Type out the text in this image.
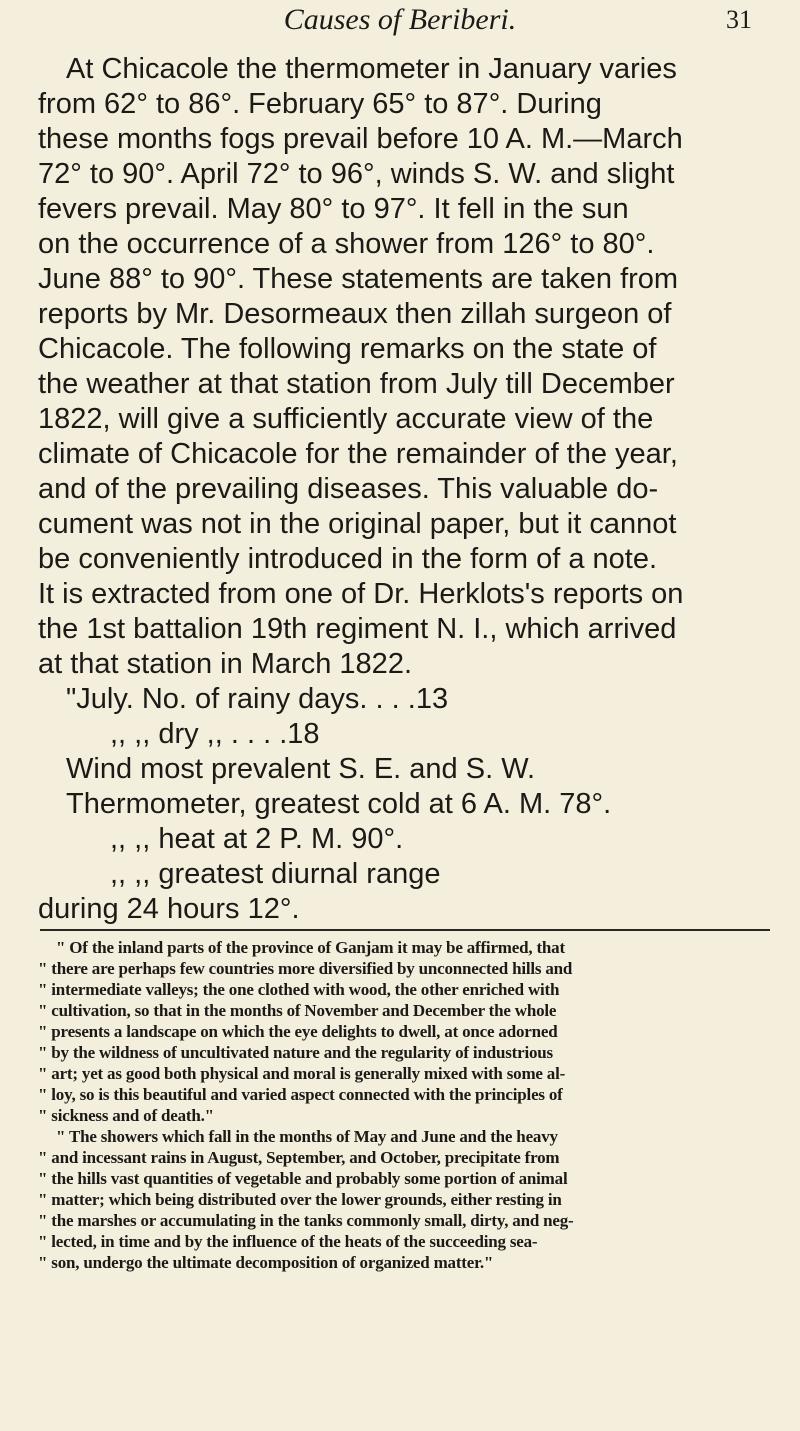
Causes of Beriberi.	31
At Chicacole the thermometer in January varies
from 62° to 86°. February 65° to 87°. During
these months fogs prevail before 10 A. M.—March
72° to 90°. April 72° to 96°, winds S. W. and slight
fevers prevail. May 80° to 97°. It fell in the sun
on the occurrence of a shower from 126° to 80°.
June 88° to 90°. These statements are taken from
reports by Mr. Desormeaux then zillah surgeon of
Chicacole. The following remarks on the state of
the weather at that station from July till December
1822, will give a sufficiently accurate view of the
climate of Chicacole for the remainder of the year,
and of the prevailing diseases. This valuable do-
cument was not in the original paper, but it cannot
be conveniently introduced in the form of a note.
It is extracted from one of Dr. Herklots's reports on
the 1st battalion 19th regiment N. I., which arrived
at that station in March 1822.
"July. No. of rainy days. . . .13
,, ,, dry ,, . . . .18
Wind most prevalent S. E. and S. W.
Thermometer, greatest cold at 6 A. M. 78°.
,, ,, heat at 2 P. M. 90°.
,, ,, greatest diurnal range
during 24 hours 12°.
" Of the inland parts of the province of Ganjam it may be affirmed, that
" there are perhaps few countries more diversified by unconnected hills and
" intermediate valleys; the one clothed with wood, the other enriched with
" cultivation, so that in the months of November and December the whole
" presents a landscape on which the eye delights to dwell, at once adorned
" by the wildness of uncultivated nature and the regularity of industrious
" art; yet as good both physical and moral is generally mixed with some al-
" loy, so is this beautiful and varied aspect connected with the principles of
" sickness and of death."
" The showers which fall in the months of May and June and the heavy
" and incessant rains in August, September, and October, precipitate from
" the hills vast quantities of vegetable and probably some portion of animal
" matter; which being distributed over the lower grounds, either resting in
" the marshes or accumulating in the tanks commonly small, dirty, and neg-
" lected, in time and by the influence of the heats of the succeeding sea-
" son, undergo the ultimate decomposition of organized matter."
